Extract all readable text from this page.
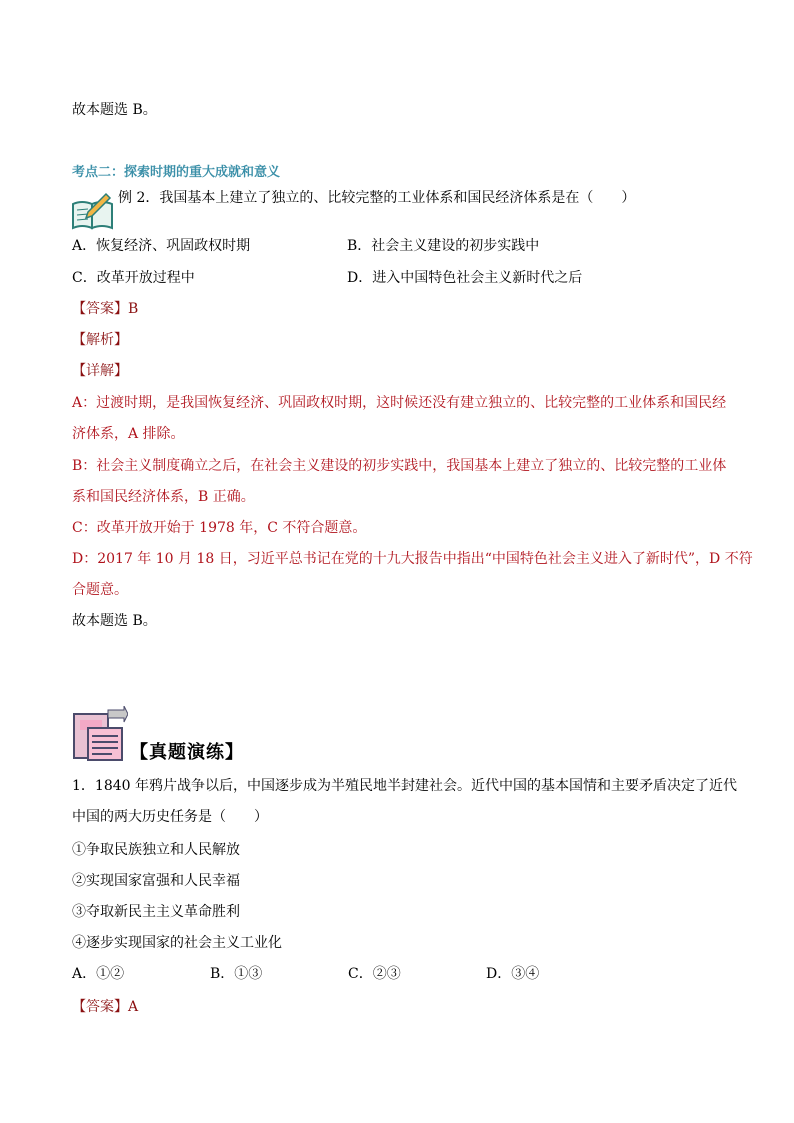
故本题选 B。
考点二：探索时期的重大成就和意义
例 2．我国基本上建立了独立的、比较完整的工业体系和国民经济体系是在（　　）
A．恢复经济、巩固政权时期	B．社会主义建设的初步实践中
C．改革开放过程中	D．进入中国特色社会主义新时代之后
【答案】B
【解析】
【详解】
A：过渡时期，是我国恢复经济、巩固政权时期，这时候还没有建立独立的、比较完整的工业体系和国民经
济体系，A 排除。
B：社会主义制度确立之后，在社会主义建设的初步实践中，我国基本上建立了独立的、比较完整的工业体
系和国民经济体系，B 正确。
C：改革开放开始于 1978 年，C 不符合题意。
D：2017 年 10 月 18 日，习近平总书记在党的十九大报告中指出“中国特色社会主义进入了新时代”，D 不符
合题意。
故本题选 B。
【真题演练】
1．1840 年鸦片战争以后，中国逐步成为半殖民地半封建社会。近代中国的基本国情和主要矛盾决定了近代
中国的两大历史任务是（　　）
①争取民族独立和人民解放
②实现国家富强和人民幸福
③夺取新民主主义革命胜利
④逐步实现国家的社会主义工业化
A．①②	B．①③	C．②③	D．③④
【答案】A
